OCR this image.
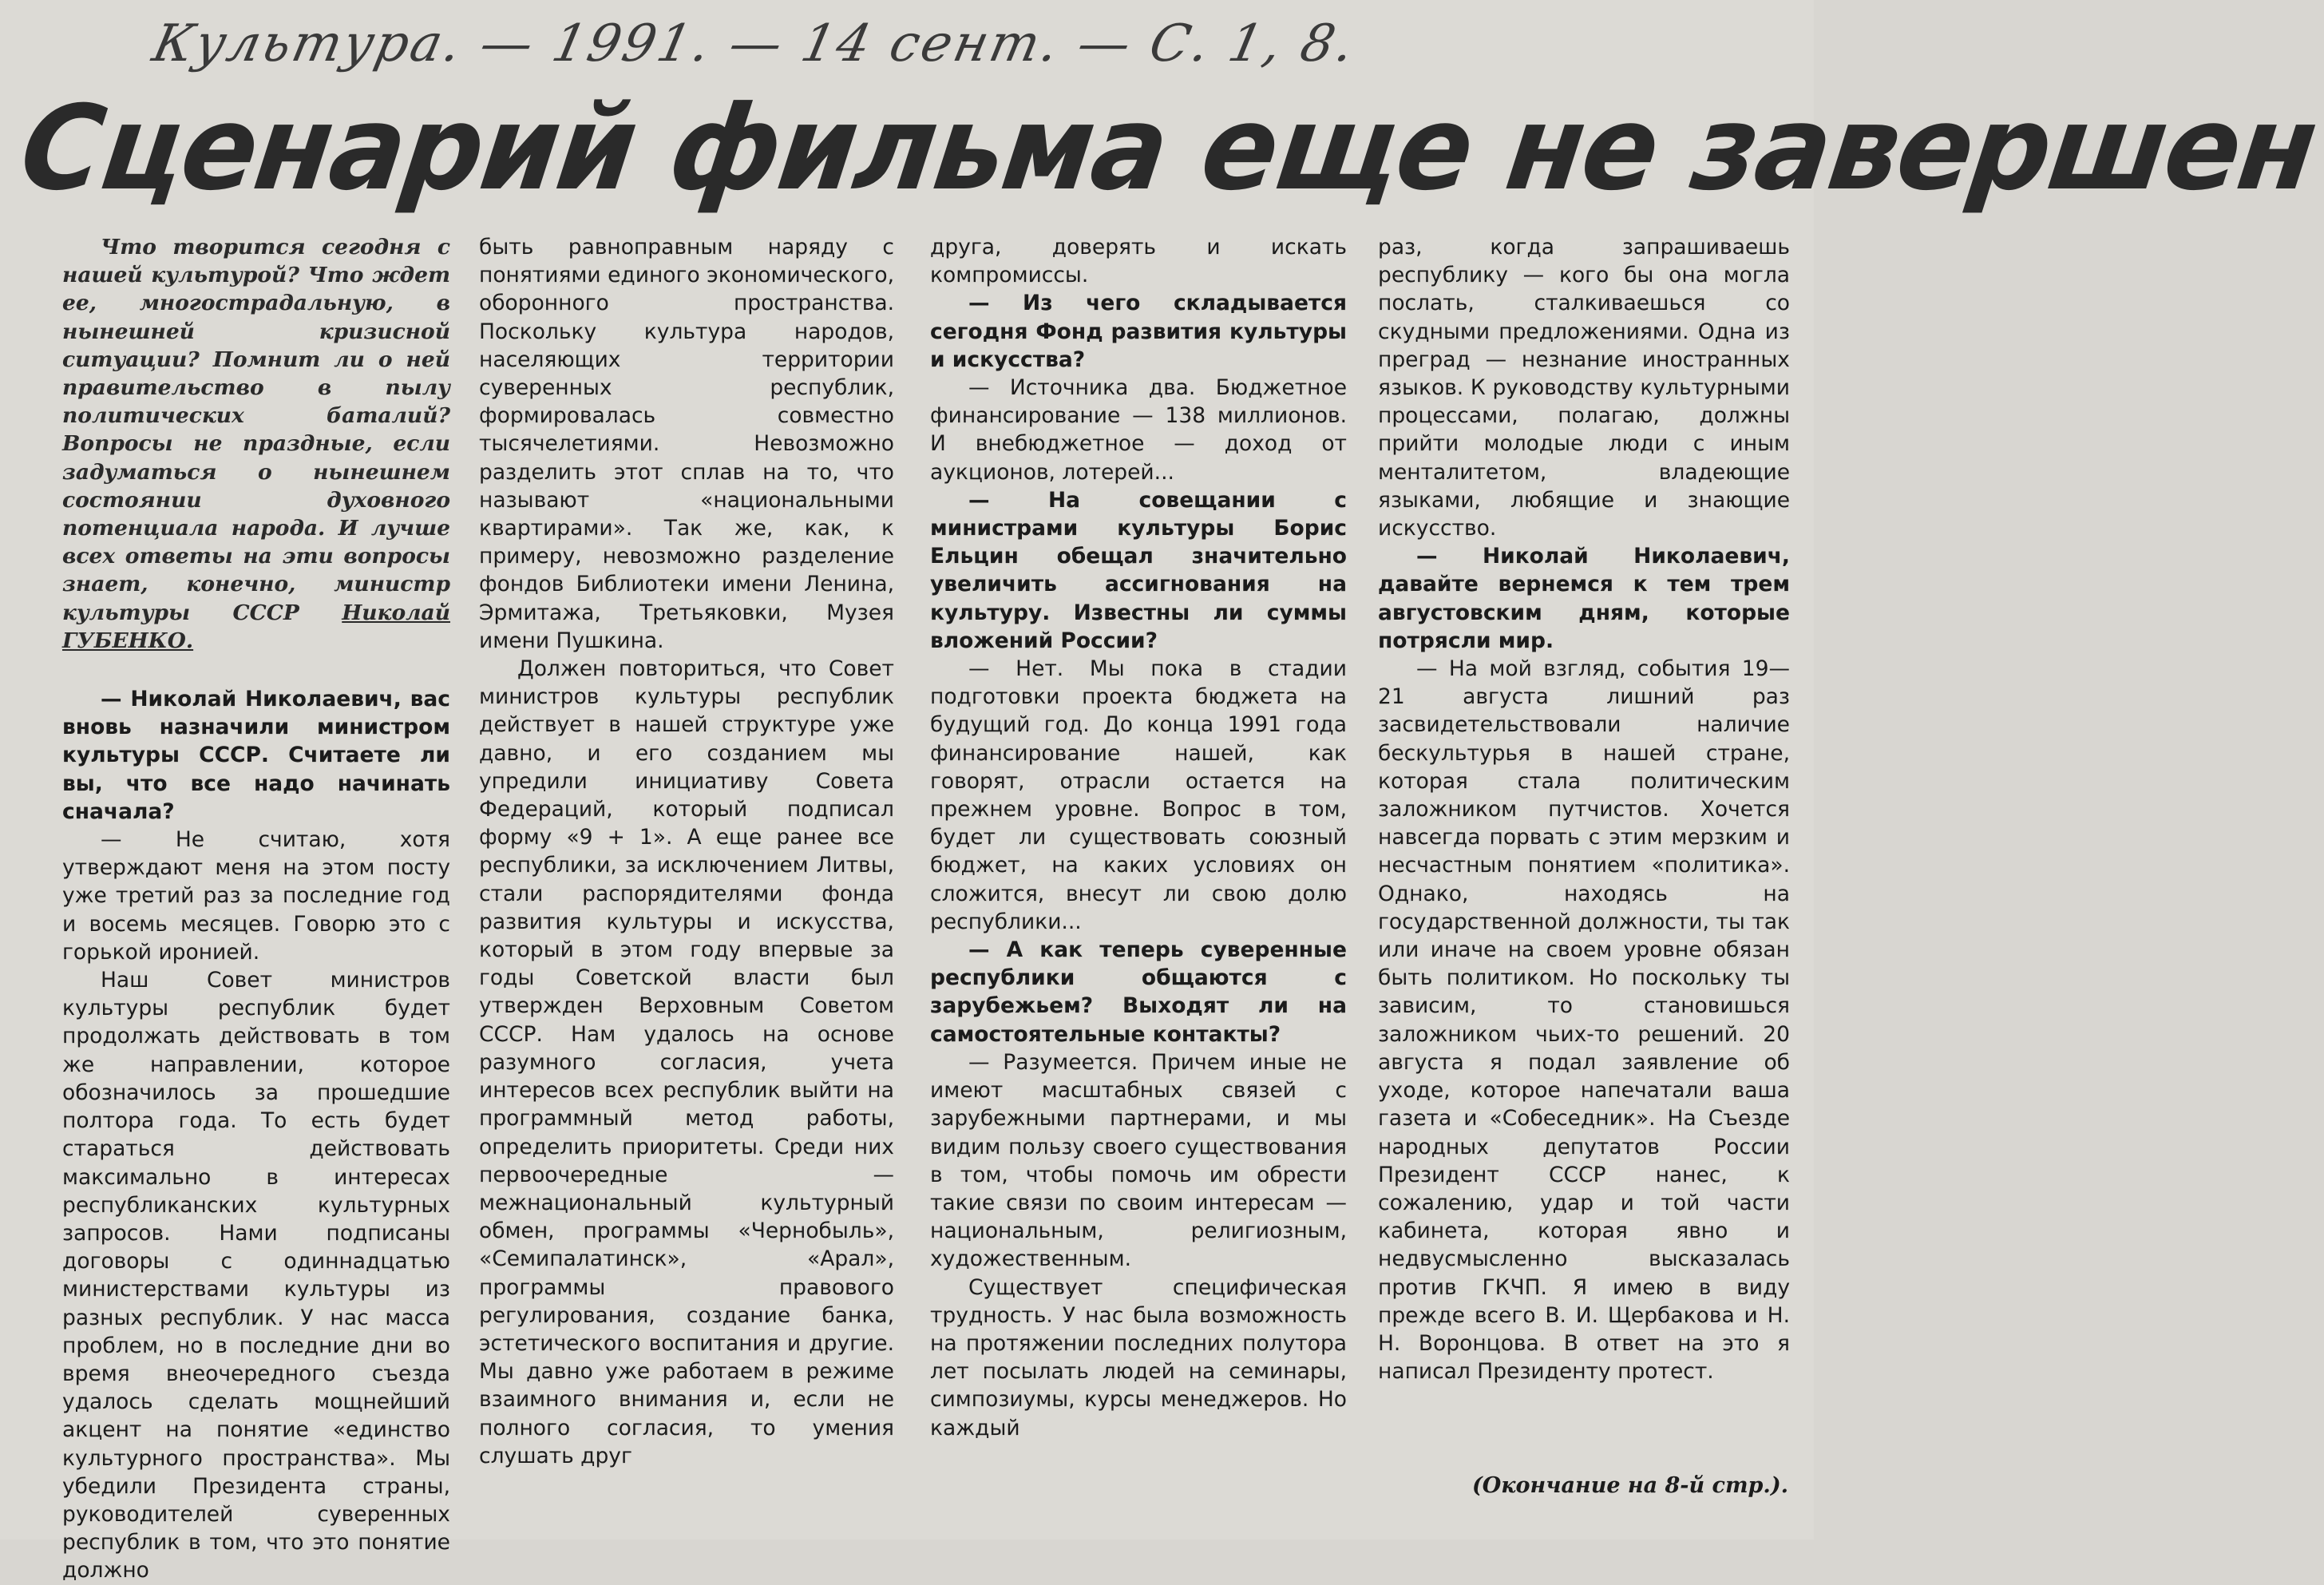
Культура. — 1991. — 14 сент. — С. 1, 8.
Сценарий фильма еще не завершен

Что творится сегодня с нашей культурой? Что ждет ее, многострадальную, в нынешней кризисной ситуации? Помнит ли о ней правительство в пылу политических баталий? Вопросы не праздные, если задуматься о нынешнем состоянии духовного потенциала народа. И лучше всех ответы на эти вопросы знает, конечно, министр культуры СССР Николай ГУБЕНКО.

— Николай Николаевич, вас вновь назначили министром культуры СССР. Считаете ли вы, что все надо начинать сначала?

— Не считаю, хотя утверждают меня на этом посту уже третий раз за последние год и восемь месяцев. Говорю это с горькой иронией.

Наш Совет министров культуры республик будет продолжать действовать в том же направлении, которое обозначилось за прошедшие полтора года. То есть будет стараться действовать максимально в интересах республиканских культурных запросов. Нами подписаны договоры с одиннадцатью министерствами культуры из разных республик. У нас масса проблем, но в последние дни во время внеочередного съезда удалось сделать мощнейший акцент на понятие «единство культурного пространства». Мы убедили Президента страны, руководителей суверенных республик в том, что это понятие должно

быть равноправным наряду с понятиями единого экономического, оборонного пространства. Поскольку культура народов, населяющих территории суверенных республик, формировалась совместно тысячелетиями. Невозможно разделить этот сплав на то, что называют «национальными квартирами». Так же, как, к примеру, невозможно разделение фондов Библиотеки имени Ленина, Эрмитажа, Третьяковки, Музея имени Пушкина.

Должен повториться, что Совет министров культуры республик действует в нашей структуре уже давно, и его созданием мы упредили инициативу Совета Федераций, который подписал форму «9 + 1». А еще ранее все республики, за исключением Литвы, стали распорядителями фонда развития культуры и искусства, который в этом году впервые за годы Советской власти был утвержден Верховным Советом СССР. Нам удалось на основе разумного согласия, учета интересов всех республик выйти на программный метод работы, определить приоритеты. Среди них первоочередные — межнациональный культурный обмен, программы «Чернобыль», «Семипалатинск», «Арал», программы правового регулирования, создание банка, эстетического воспитания и другие. Мы давно уже работаем в режиме взаимного внимания и, если не полного согласия, то умения слушать друг

друга, доверять и искать компромиссы.

— Из чего складывается сегодня Фонд развития культуры и искусства?

— Источника два. Бюджетное финансирование — 138 миллионов. И внебюджетное — доход от аукционов, лотерей...

— На совещании с министрами культуры Борис Ельцин обещал значительно увеличить ассигнования на культуру. Известны ли суммы вложений России?

— Нет. Мы пока в стадии подготовки проекта бюджета на будущий год. До конца 1991 года финансирование нашей, как говорят, отрасли остается на прежнем уровне. Вопрос в том, будет ли существовать союзный бюджет, на каких условиях он сложится, внесут ли свою долю республики...

— А как теперь суверенные республики общаются с зарубежьем? Выходят ли на самостоятельные контакты?

— Разумеется. Причем иные не имеют масштабных связей с зарубежными партнерами, и мы видим пользу своего существования в том, чтобы помочь им обрести такие связи по своим интересам — национальным, религиозным, художественным.

Существует специфическая трудность. У нас была возможность на протяжении последних полутора лет посылать людей на семинары, симпозиумы, курсы менеджеров. Но каждый

раз, когда запрашиваешь республику — кого бы она могла послать, сталкиваешься со скудными предложениями. Одна из преград — незнание иностранных языков. К руководству культурными процессами, полагаю, должны прийти молодые люди с иным менталитетом, владеющие языками, любящие и знающие искусство.

— Николай Николаевич, давайте вернемся к тем трем августовским дням, которые потрясли мир.

— На мой взгляд, события 19—21 августа лишний раз засвидетельствовали наличие бескультурья в нашей стране, которая стала политическим заложником путчистов. Хочется навсегда порвать с этим мерзким и несчастным понятием «политика». Однако, находясь на государственной должности, ты так или иначе на своем уровне обязан быть политиком. Но поскольку ты зависим, то становишься заложником чьих-то решений. 20 августа я подал заявление об уходе, которое напечатали ваша газета и «Собеседник». На Съезде народных депутатов России Президент СССР нанес, к сожалению, удар и той части кабинета, которая явно и недвусмысленно высказалась против ГКЧП. Я имею в виду прежде всего В. И. Щербакова и Н. Н. Воронцова. В ответ на это я написал Президенту протест.

(Окончание на 8-й стр.).
